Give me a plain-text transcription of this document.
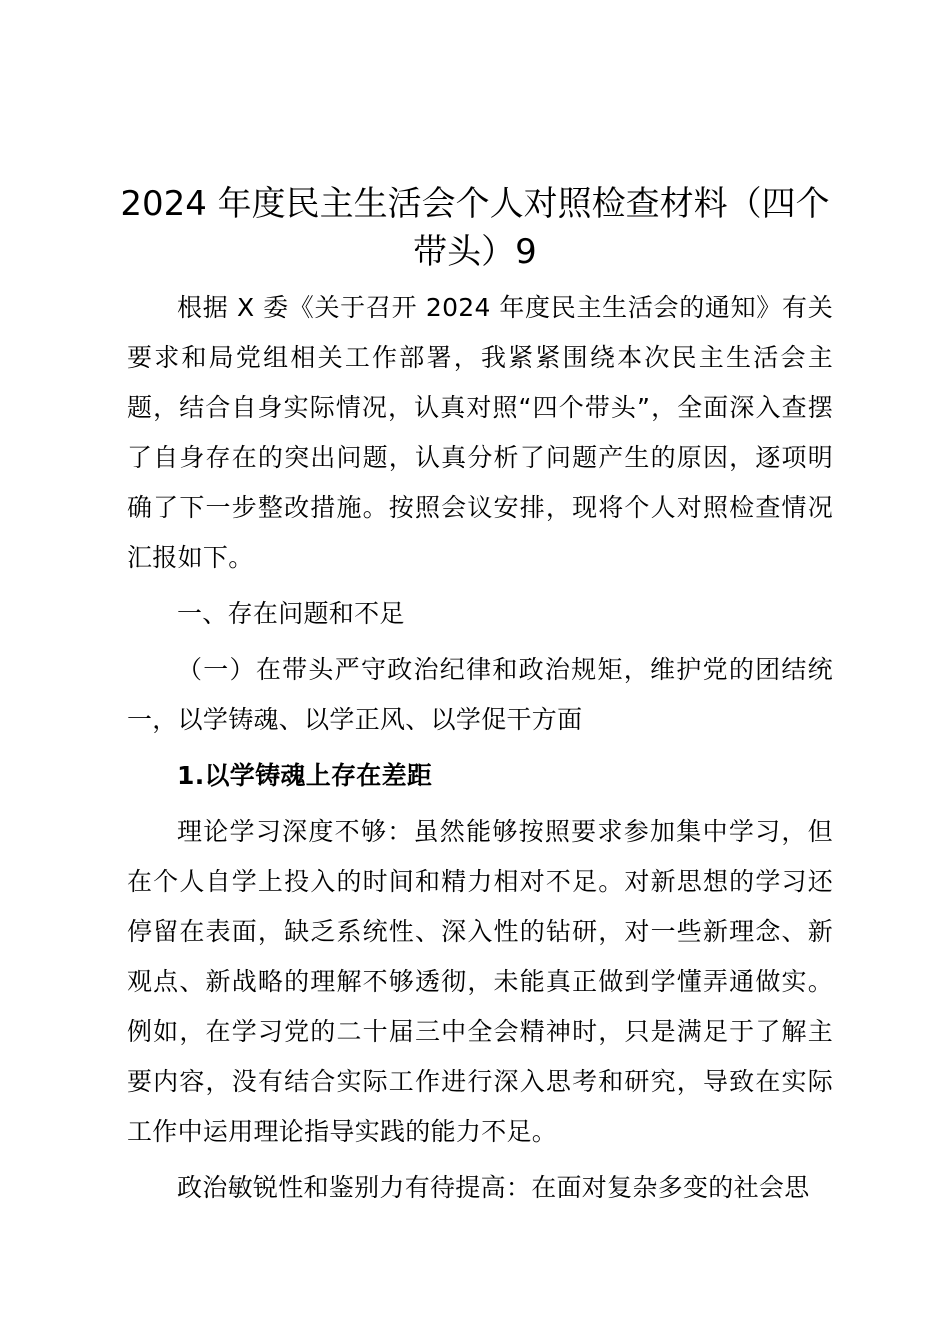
2024 年度民主生活会个人对照检查材料（四个带头）9

根据 X 委《关于召开 2024 年度民主生活会的通知》有关要求和局党组相关工作部署，我紧紧围绕本次民主生活会主题，结合自身实际情况，认真对照“四个带头”，全面深入查摆了自身存在的突出问题，认真分析了问题产生的原因，逐项明确了下一步整改措施。按照会议安排，现将个人对照检查情况汇报如下。

一、存在问题和不足

（一）在带头严守政治纪律和政治规矩，维护党的团结统一，以学铸魂、以学正风、以学促干方面

1.以学铸魂上存在差距

理论学习深度不够：虽然能够按照要求参加集中学习，但在个人自学上投入的时间和精力相对不足。对新思想的学习还停留在表面，缺乏系统性、深入性的钻研，对一些新理念、新观点、新战略的理解不够透彻，未能真正做到学懂弄通做实。例如，在学习党的二十届三中全会精神时，只是满足于了解主要内容，没有结合实际工作进行深入思考和研究，导致在实际工作中运用理论指导实践的能力不足。

政治敏锐性和鉴别力有待提高：在面对复杂多变的社会思
